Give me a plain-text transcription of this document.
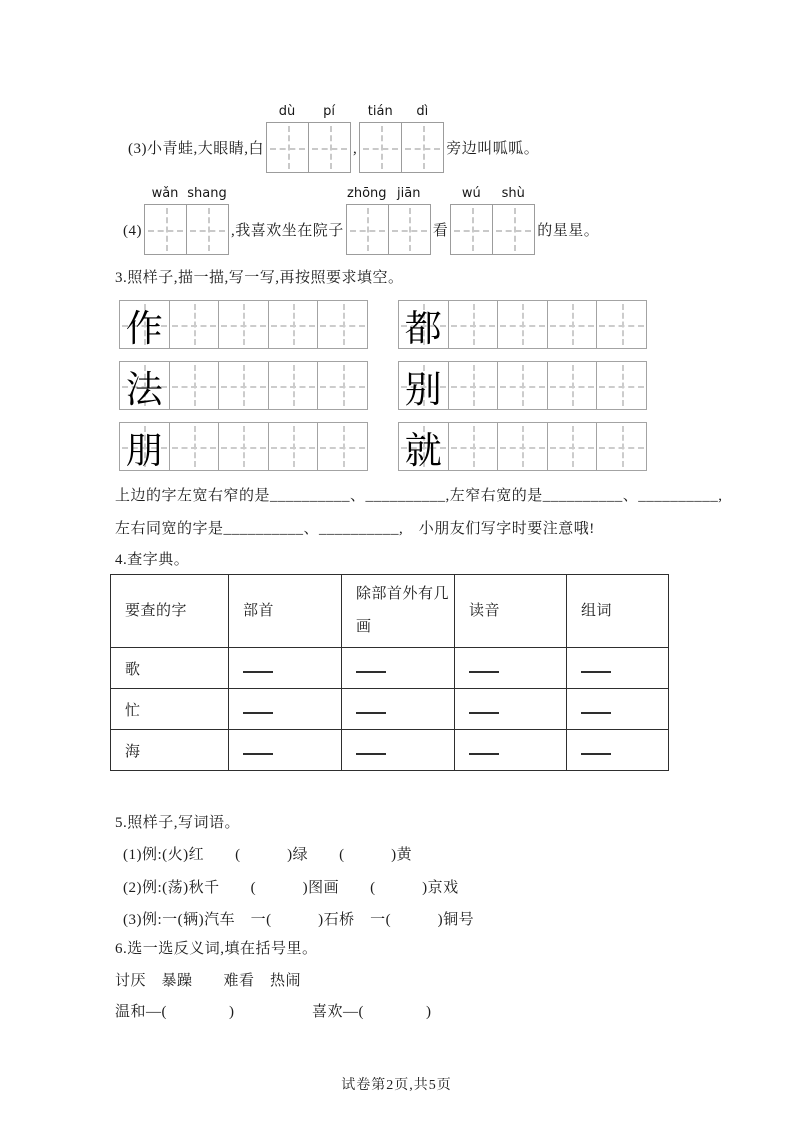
(3)小青蛙,大眼睛,白
dù	pí
,
tián	dì
旁边叫呱呱。
(4)
wǎn shang
,我喜欢坐在院子
zhōng jiān
看
wú	shù
的星星。
3.照样子,描一描,写一写,再按照要求填空。
作
法
朋
都
别
就
上边的字左宽右窄的是__________、__________,左窄右宽的是__________、__________,
左右同宽的字是__________、__________,　小朋友们写字时要注意哦!
4.查字典。
要查的字	部首	除部首外有几画	读音	组词
歌				
忙				
海				
5.照样子,写词语。
(1)例:(火)红　　(　　　)绿　　(　　　)黄
(2)例:(荡)秋千　　(　　　)图画　　(　　　)京戏
(3)例:一(辆)汽车　一(　　　)石桥　一(　　　)铜号
6.选一选反义词,填在括号里。
讨厌　暴躁　　难看　热闹
温和—(　　　　)　　　　　喜欢—(　　　　)
试卷第2页,共5页
